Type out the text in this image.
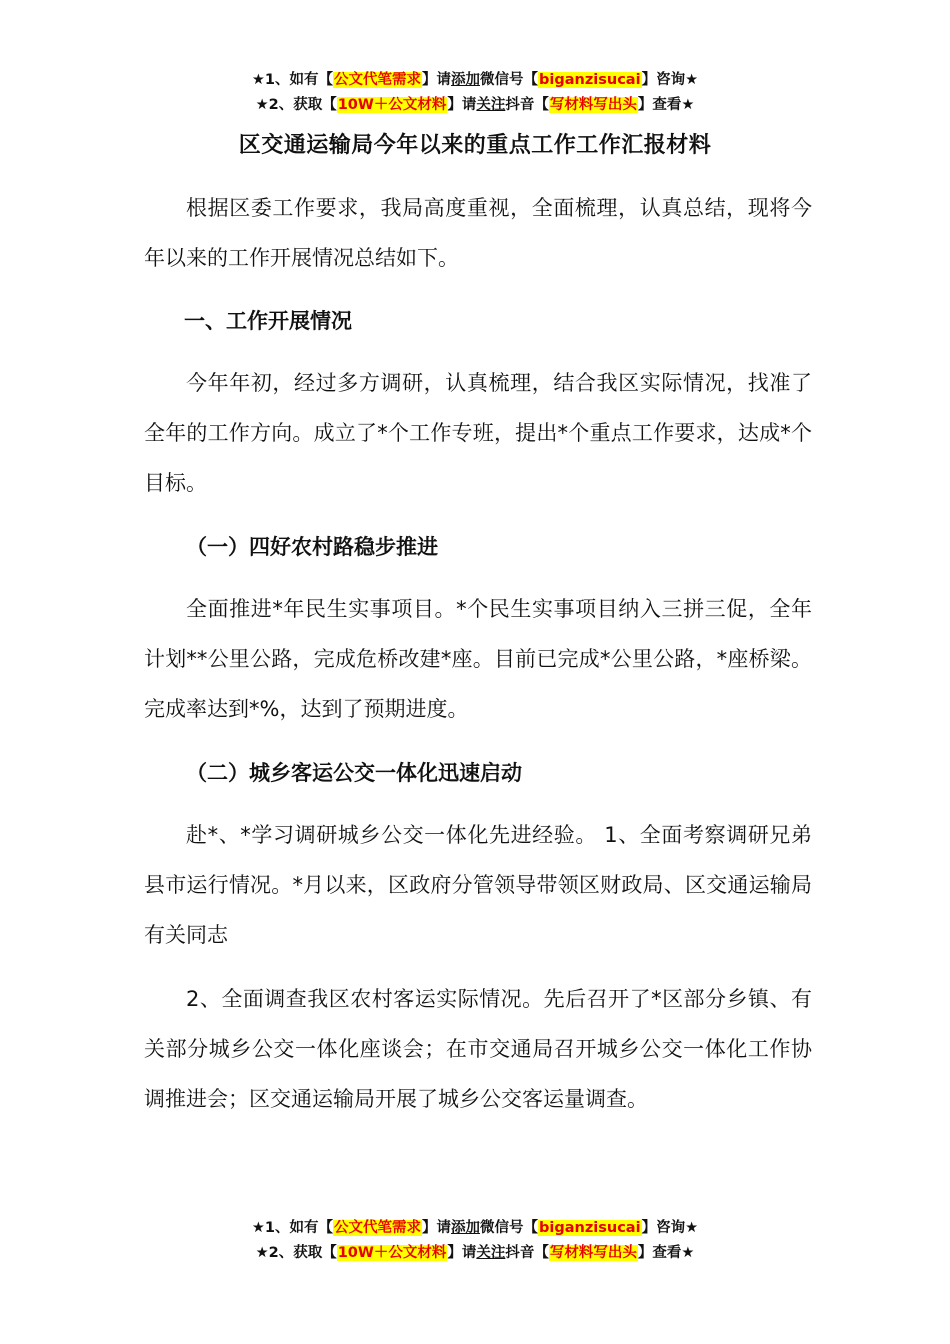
★1、如有【公文代笔需求】请添加微信号【biganzisucai】咨询★
★2、获取【10W＋公文材料】请关注抖音【写材料写出头】查看★
区交通运输局今年以来的重点工作工作汇报材料

根据区委工作要求，我局高度重视，全面梳理，认真总结，现将今年以来的工作开展情况总结如下。

一、工作开展情况

今年年初，经过多方调研，认真梳理，结合我区实际情况，找准了全年的工作方向。成立了*个工作专班，提出*个重点工作要求，达成*个目标。

（一）四好农村路稳步推进

全面推进*年民生实事项目。*个民生实事项目纳入三拼三促，全年计划**公里公路，完成危桥改建*座。目前已完成*公里公路，*座桥梁。完成率达到*%，达到了预期进度。

（二）城乡客运公交一体化迅速启动

赴*、*学习调研城乡公交一体化先进经验。 1、全面考察调研兄弟县市运行情况。*月以来，区政府分管领导带领区财政局、区交通运输局有关同志

2、全面调查我区农村客运实际情况。先后召开了*区部分乡镇、有关部分城乡公交一体化座谈会；在市交通局召开城乡公交一体化工作协调推进会；区交通运输局开展了城乡公交客运量调查。

★1、如有【公文代笔需求】请添加微信号【biganzisucai】咨询★
★2、获取【10W＋公文材料】请关注抖音【写材料写出头】查看★
